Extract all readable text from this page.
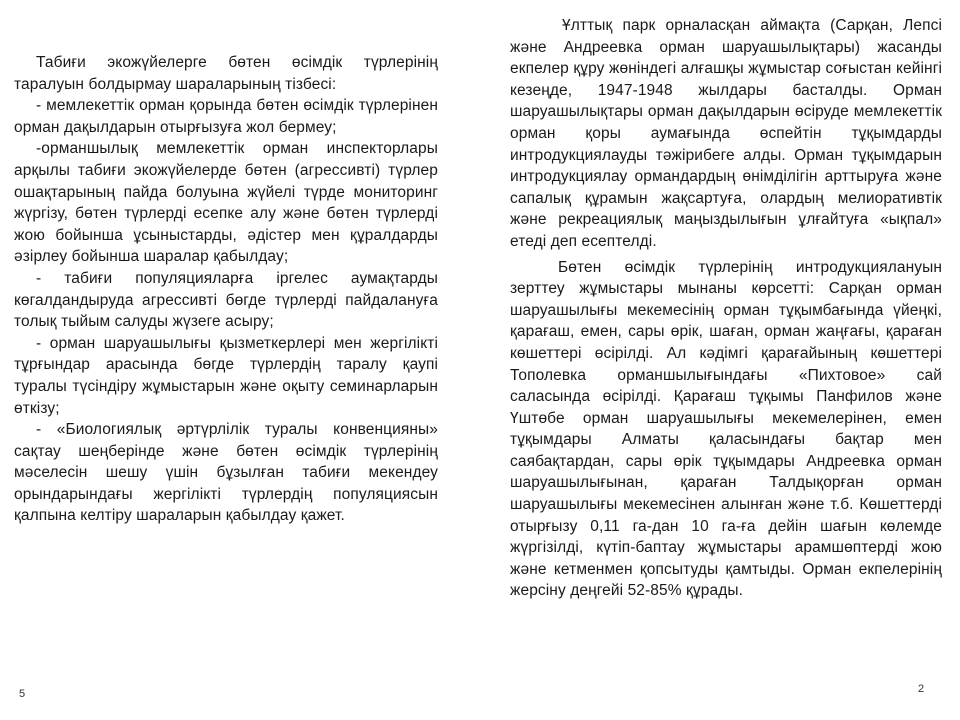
Табиғи экожүйелерге бөтен өсімдік түрлерінің таралуын болдырмау шараларының тізбесі:

- мемлекеттік орман қорында бөтен өсімдік түрлерінен орман дақылдарын отырғызуға жол бермеу;

-орманшылық мемлекеттік орман инспекторлары арқылы табиғи экожүйелерде бөтен (агрессивті) түрлер ошақтарының пайда болуына жүйелі түрде мониторинг жүргізу, бөтен түрлерді есепке алу және бөтен түрлерді жою бойынша ұсыныстарды, әдістер мен құралдарды әзірлеу бойынша шаралар қабылдау;

- табиғи популяцияларға іргелес аумақтарды көгалдандыруда агрессивті бөгде түрлерді пайдалануға толық тыйым салуды жүзеге асыру;

- орман шаруашылығы қызметкерлері мен жергілікті тұрғындар арасында бөгде түрлердің таралу қаупі туралы түсіндіру жұмыстарын және оқыту семинарларын өткізу;

- «Биологиялық әртүрлілік туралы конвенцияны» сақтау шеңберінде және бөтен өсімдік түрлерінің мәселесін шешу үшін бұзылған табиғи мекендеу орындарындағы жергілікті түрлердің популяциясын қалпына келтіру шараларын қабылдау қажет.

5

Ұлттық парк орналасқан аймақта (Сарқан, Лепсі және Андреевка орман шаруашылықтары) жасанды екпелер құру жөніндегі алғашқы жұмыстар соғыстан кейінгі кезеңде, 1947-1948 жылдары басталды. Орман шаруашылықтары орман дақылдарын өсіруде мемлекеттік орман қоры аумағында өспейтін тұқымдарды интродукциялауды тәжірибеге алды. Орман тұқымдарын интродукциялау ормандардың өнімділігін арттыруға және сапалық құрамын жақсартуға, олардың мелиоративтік және рекреациялық маңыздылығын ұлғайтуға «ықпал» етеді деп есептелді.

Бөтен өсімдік түрлерінің интродукциялануын зерттеу жұмыстары мынаны көрсетті: Сарқан орман шаруашылығы мекемесінің орман тұқымбағында үйеңкі, қарағаш, емен, сары өрік, шаған, орман жаңғағы, қараған көшеттері өсірілді. Ал кәдімгі қарағайының көшеттері Тополевка орманшылығындағы «Пихтовое» сай саласында өсірілді. Қарағаш тұқымы Панфилов және Үштөбе орман шаруашылығы мекемелерінен, емен тұқымдары Алматы қаласындағы бақтар мен саябақтардан, сары өрік тұқымдары Андреевка орман шаруашылығынан, қараған Талдықорған орман шаруашылығы мекемесінен алынған және т.б. Көшеттерді отырғызу 0,11 га-дан 10 га-ға дейін шағын көлемде жүргізілді, күтіп-баптау жұмыстары арамшөптерді жою және кетменмен қопсытуды қамтыды. Орман екпелерінің жерсіну деңгейі 52-85% құрады.

2
